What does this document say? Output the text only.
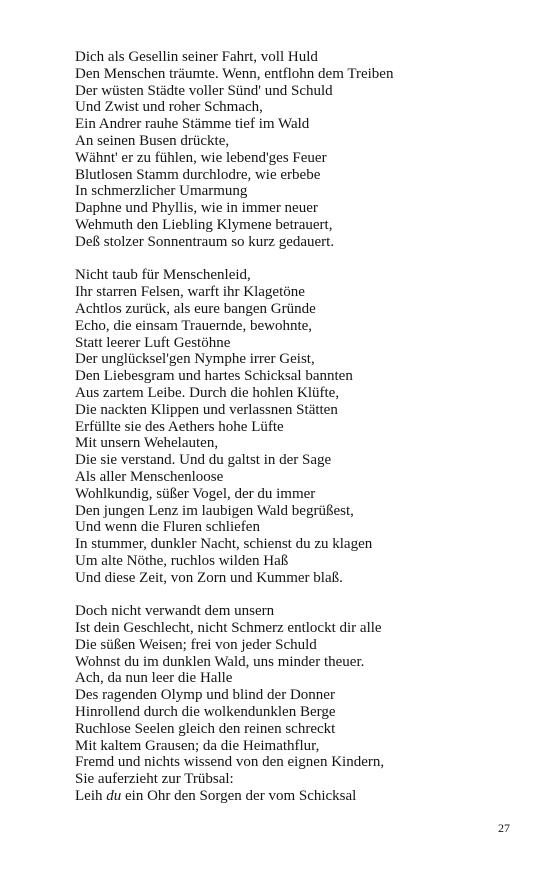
Dich als Gesellin seiner Fahrt, voll Huld
Den Menschen träumte. Wenn, entflohn dem Treiben
Der wüsten Städte voller Sünd' und Schuld
Und Zwist und roher Schmach,
Ein Andrer rauhe Stämme tief im Wald
An seinen Busen drückte,
Wähnt' er zu fühlen, wie lebend'ges Feuer
Blutlosen Stamm durchlodre, wie erbebe
In schmerzlicher Umarmung
Daphne und Phyllis, wie in immer neuer
Wehmuth den Liebling Klymene betrauert,
Deß stolzer Sonnentraum so kurz gedauert.
Nicht taub für Menschenleid,
Ihr starren Felsen, warft ihr Klagetöne
Achtlos zurück, als eure bangen Gründe
Echo, die einsam Trauernde, bewohnte,
Statt leerer Luft Gestöhne
Der unglücksel'gen Nymphe irrer Geist,
Den Liebesgram und hartes Schicksal bannten
Aus zartem Leibe. Durch die hohlen Klüfte,
Die nackten Klippen und verlassnen Stätten
Erfüllte sie des Aethers hohe Lüfte
Mit unsern Wehelauten,
Die sie verstand. Und du galtst in der Sage
Als aller Menschenloose
Wohlkundig, süßer Vogel, der du immer
Den jungen Lenz im laubigen Wald begrüßest,
Und wenn die Fluren schliefen
In stummer, dunkler Nacht, schienst du zu klagen
Um alte Nöthe, ruchlos wilden Haß
Und diese Zeit, von Zorn und Kummer blaß.
Doch nicht verwandt dem unsern
Ist dein Geschlecht, nicht Schmerz entlockt dir alle
Die süßen Weisen; frei von jeder Schuld
Wohnst du im dunklen Wald, uns minder theuer.
Ach, da nun leer die Halle
Des ragenden Olymp und blind der Donner
Hinrollend durch die wolkendunklen Berge
Ruchlose Seelen gleich den reinen schreckt
Mit kaltem Grausen; da die Heimathflur,
Fremd und nichts wissend von den eignen Kindern,
Sie auferzieht zur Trübsal:
Leih du ein Ohr den Sorgen der vom Schicksal
27
